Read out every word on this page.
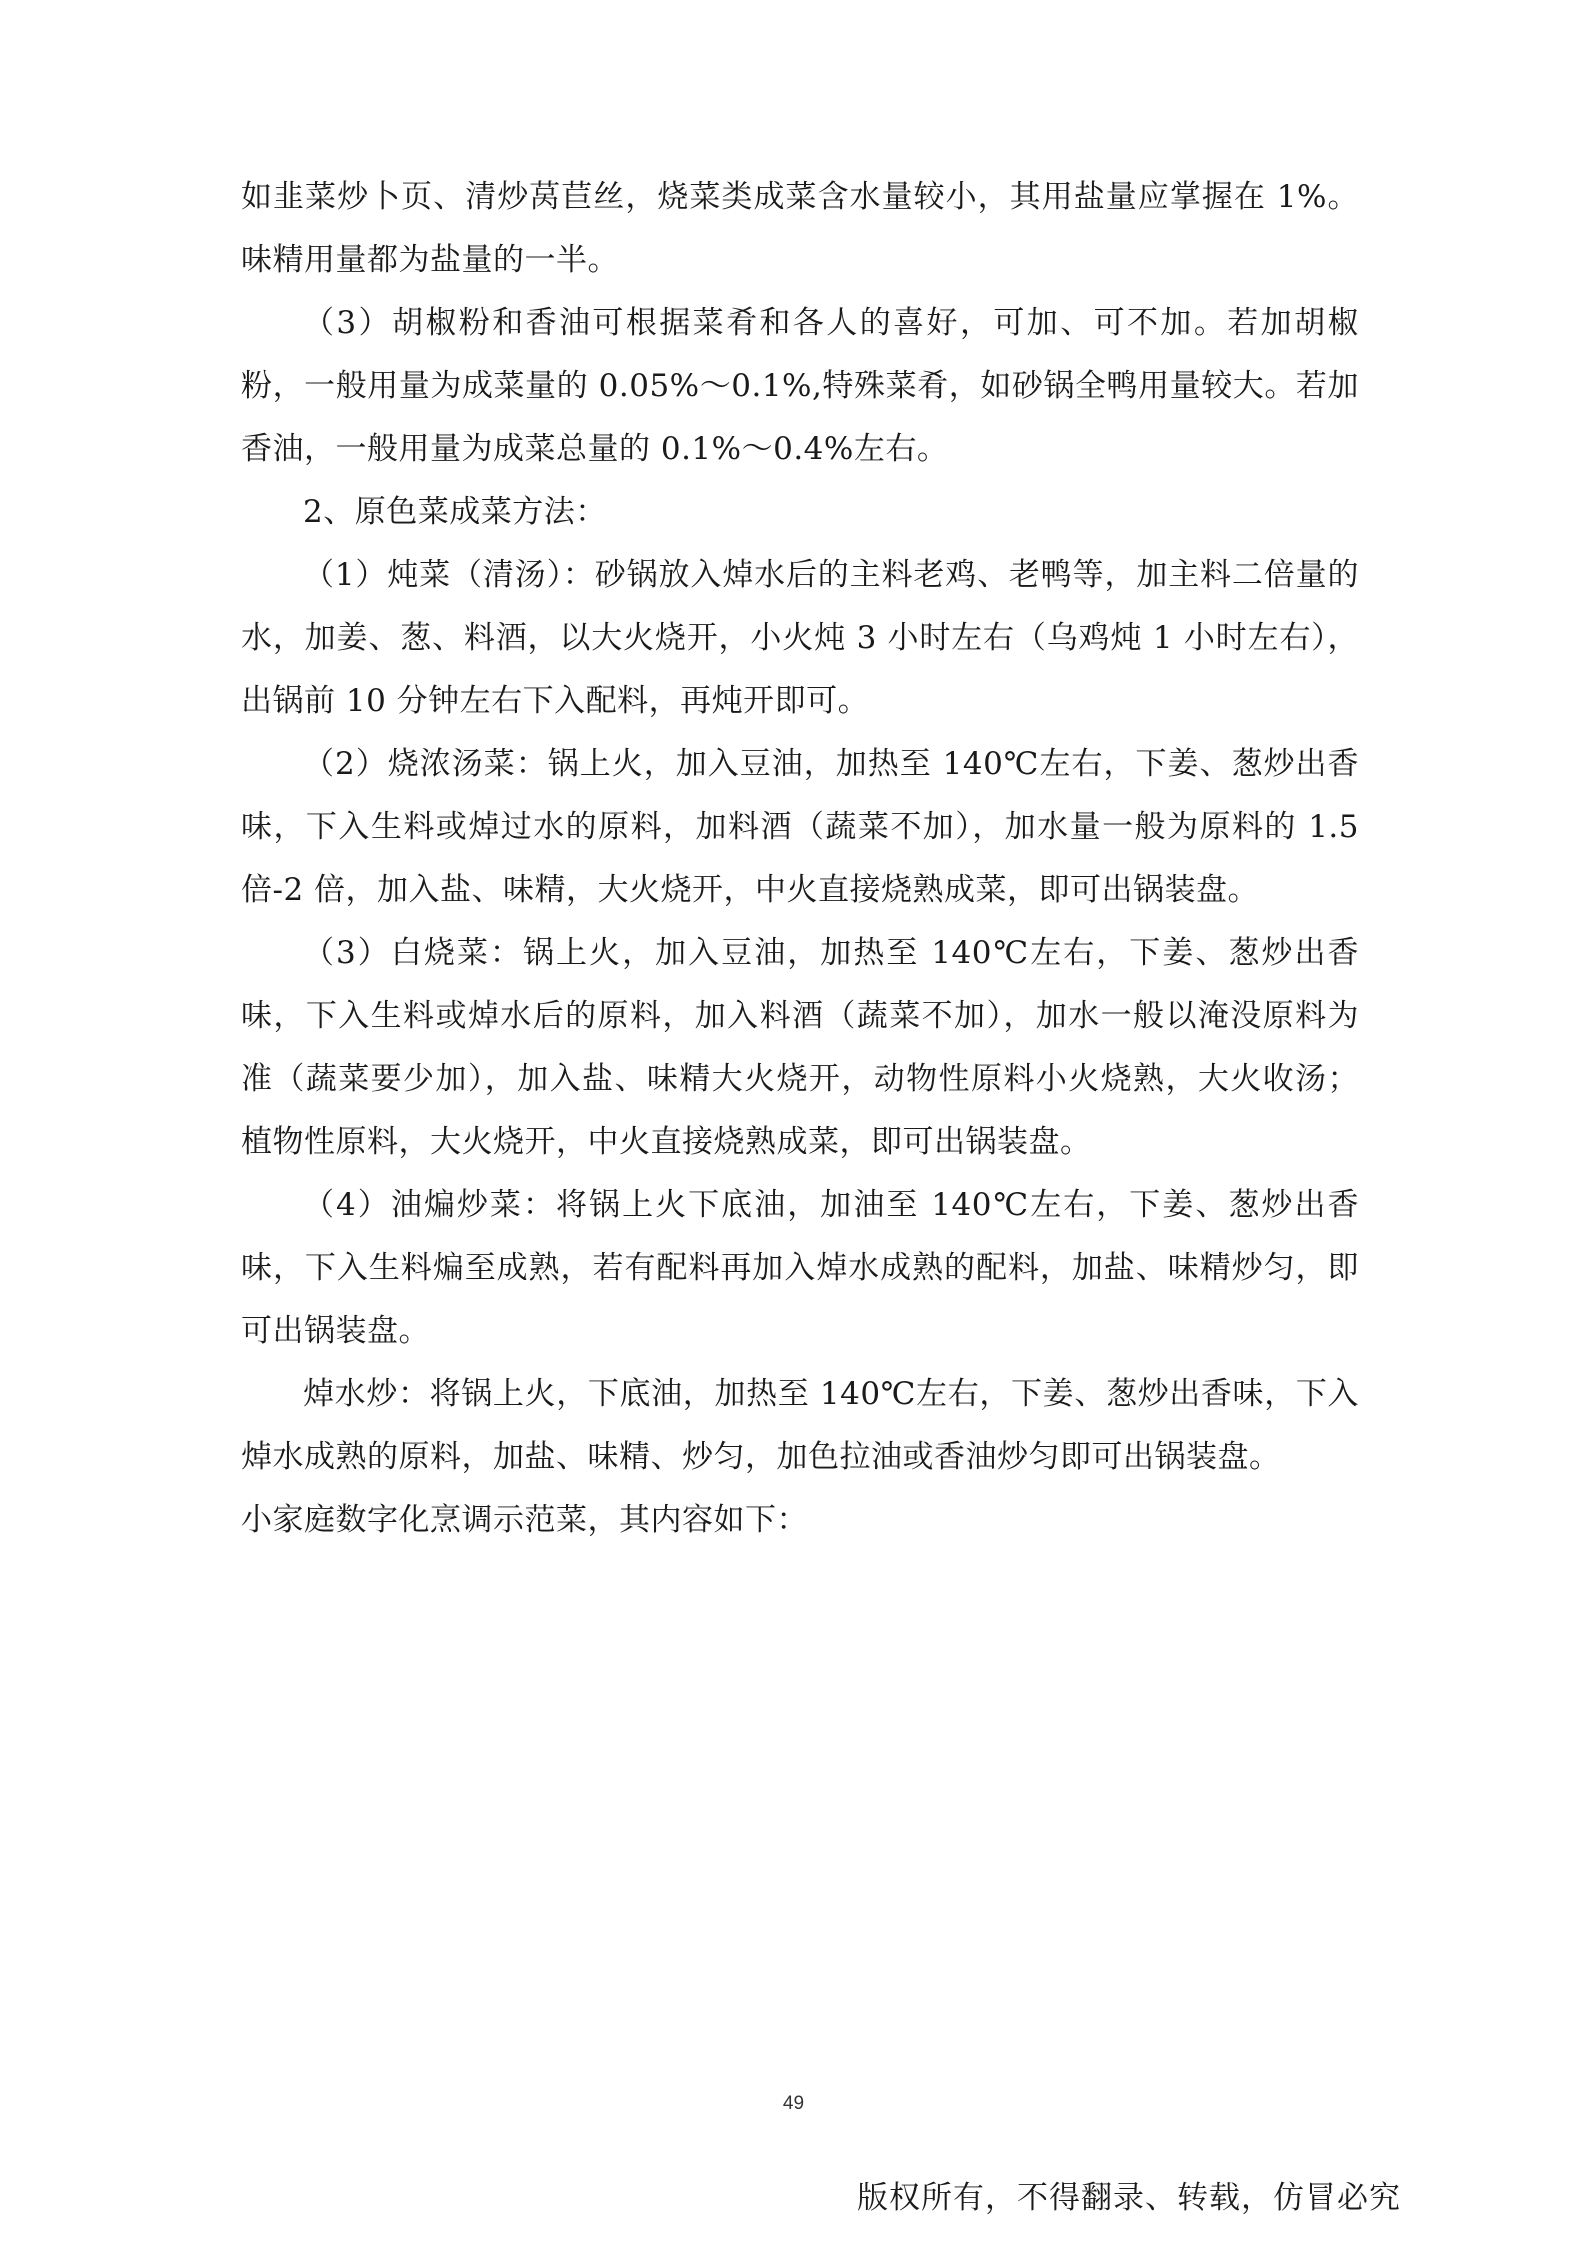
如韭菜炒卜页、清炒莴苣丝，烧菜类成菜含水量较小，其用盐量应掌握在 1%。味精用量都为盐量的一半。

（3）胡椒粉和香油可根据菜肴和各人的喜好，可加、可不加。若加胡椒粉，一般用量为成菜量的 0.05%～0.1%,特殊菜肴，如砂锅全鸭用量较大。若加香油，一般用量为成菜总量的 0.1%～0.4%左右。

2、原色菜成菜方法：

（1）炖菜（清汤）：砂锅放入焯水后的主料老鸡、老鸭等，加主料二倍量的水，加姜、葱、料酒，以大火烧开，小火炖 3 小时左右（乌鸡炖 1 小时左右），出锅前 10 分钟左右下入配料，再炖开即可。

（2）烧浓汤菜：锅上火，加入豆油，加热至 140℃左右，下姜、葱炒出香味，下入生料或焯过水的原料，加料酒（蔬菜不加），加水量一般为原料的 1.5倍-2 倍，加入盐、味精，大火烧开，中火直接烧熟成菜，即可出锅装盘。

（3）白烧菜：锅上火，加入豆油，加热至 140℃左右，下姜、葱炒出香味，下入生料或焯水后的原料，加入料酒（蔬菜不加），加水一般以淹没原料为准（蔬菜要少加），加入盐、味精大火烧开，动物性原料小火烧熟，大火收汤；植物性原料，大火烧开，中火直接烧熟成菜，即可出锅装盘。

（4）油煸炒菜：将锅上火下底油，加油至 140℃左右，下姜、葱炒出香味，下入生料煸至成熟，若有配料再加入焯水成熟的配料，加盐、味精炒匀，即可出锅装盘。

焯水炒：将锅上火，下底油，加热至 140℃左右，下姜、葱炒出香味，下入焯水成熟的原料，加盐、味精、炒匀，加色拉油或香油炒匀即可出锅装盘。

小家庭数字化烹调示范菜，其内容如下：

49
版权所有，不得翻录、转载，仿冒必究
